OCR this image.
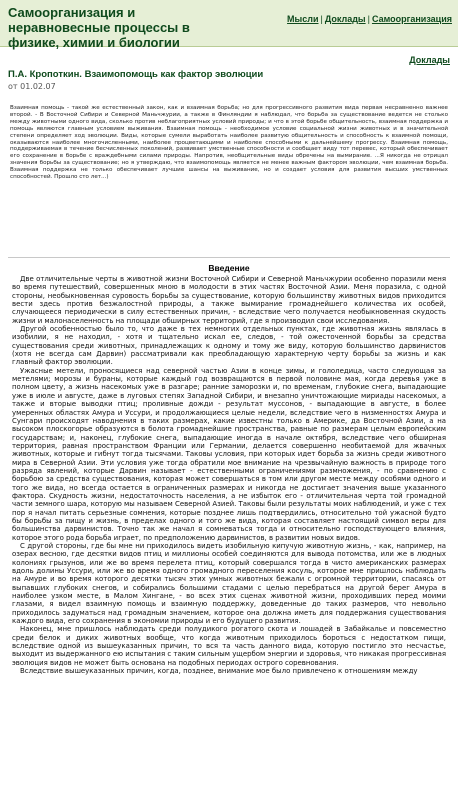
Самоорганизация и неравновесные процессы в физике, химии и биологии
Мысли | Доклады | Самоорганизация
Доклады
П.А. Кропоткин. Взаимопомощь как фактор эволюции
от 01.02.07
Взаимная помощь - такой же естественный закон, как и взаимная борьба; но для прогрессивного развития вида первая несравненно важнее второй. - В Восточной Сибири и Северной Маньчжурии, а также в Финляндии я наблюдал, что борьба за существование ведется не столько между животными одного вида, сколько против неблагоприятных условий природы; и что в этой борьбе общительность, взаимная поддержка и помощь являются главным условием выживания. Взаимная помощь - необходимое условие социальной жизни животных и в значительной степени определяет ход эволюции. Виды, которые сумели выработать наиболее развитую общительность и способность к взаимной помощи, оказываются наиболее многочисленными, наиболее процветающими и наиболее способными к дальнейшему прогрессу. Взаимная помощь, поддерживаемая в течение бесчисленных поколений, развивает умственные способности и сообщает виду тот перевес, который обеспечивает его сохранение в борьбе с враждебными силами природы. Напротив, необщительные виды обречены на вымирание. ...Я никогда не отрицал значения борьбы за существование; но я утверждаю, что взаимопомощь является не менее важным фактором эволюции, чем взаимная борьба. Взаимная поддержка не только обеспечивает лучшие шансы на выживание, но и создает условия для развития высших умственных способностей. Прошло сто лет...)
Введение

Две отличительные черты в животной жизни Восточной Сибири и Северной Маньчжурии особенно поразили меня во время путешествий, совершенных мною в молодости в этих частях Восточной Азии. Меня поразила, с одной стороны, необыкновенная суровость борьбы за существование, которую большинству животных видов приходится вести здесь против безжалостной природы, а также вымирание громаднейшего количества их особей, случающееся периодически в силу естественных причин, - вследствие чего получается необыкновенная скудость жизни и малонаселенность на площади обширных территорий, где я производил свои исследования.

Другой особенностью было то, что даже в тех немногих отдельных пунктах, где животная жизнь являлась в изобилии, я не находил, - хотя и тщательно искал ее, следов, - той ожесточенной борьбы за средства существования среди животных, принадлежащих к одному и тому же виду, которую большинство дарвинистов (хотя не всегда сам Дарвин) рассматривали как преобладающую характерную черту борьбы за жизнь и как главный фактор эволюции.

Ужасные метели, проносящиеся над северной частью Азии в конце зимы, и гололедица, часто следующая за метелями; морозы и бураны, которые каждый год возвращаются в первой половине мая, когда деревья уже в полном цвету, а жизнь насекомых уже в разгаре; ранние заморозки и, по временам, глубокие снега, выпадающие уже в июле и августе, даже в луговых степях Западной Сибири, и внезапно уничтожающие мириады насекомых, а также и вторые выводки птиц; проливные дожди - результат муссонов, - выпадающие в августе, в более умеренных областях Амура и Уссури, и продолжающиеся целые недели, вследствие чего в низменностях Амура и Сунгари происходят наводнения в таких размерах, какие известны только в Америке, да Восточной Азии, а на высоком плоскогорье образуются в болота громаднейшие пространства, равные по размерам целым европейским государствам; и, наконец, глубокие снега, выпадающие иногда в начале октября, вследствие чего обширная территория, равная пространством Франции или Германии, делается совершенно необитаемой для жвачных животных, которые и гибнут тогда тысячами. Таковы условия, при которых идет борьба за жизнь среди животного мира в Северной Азии. Эти условия уже тогда обратили мое внимание на чрезвычайную важность в природе того разряда явлений, которые Дарвин называет - естественными ограничениями размножения, - по сравнению с борьбою за средства существования, которая может совершаться в том или другом месте между особями одного и того же вида, но всегда остается в ограниченных размерах и никогда не достигает значения выше указанного фактора. Скудность жизни, недостаточность населения, а не избыток его - отличительная черта той громадной части земного шара, которую мы называем Северной Азией. Таковы были результаты моих наблюдений, и уже с тех пор я начал питать серьезные сомнения, которые позднее лишь подтвердились, относительно той ужасной будто бы борьбы за пищу и жизнь, в пределах одного и того же вида, которая составляет настоящий символ веры для большинства дарвинистов. Точно так же начал я сомневаться тогда и относительно господствующего влияния, которое этого рода борьба играет, по предположению дарвинистов, в развитии новых видов.

С другой стороны, где бы мне ни приходилось видеть изобильную кипучую животную жизнь, - как, например, на озерах весною, где десятки видов птиц и миллионы особей соединяются для вывода потомства, или же в людных колониях грызунов, или же во время перелета птиц, который совершался тогда в чисто американских размерах вдоль долины Уссури, или же во время одного громадного переселения косуль, которое мне пришлось наблюдать на Амуре и во время которого десятки тысяч этих умных животных бежали с огромной территории, спасаясь от выпавших глубоких снегов, и собирались большими стадами с целью перебраться на другой берег Амура в наиболее узком месте, в Малом Хингане, - во всех этих сценах животной жизни, проходивших перед моими глазами, я видел взаимную помощь и взаимную поддержку, доведенные до таких размеров, что невольно приходилось задуматься над громадным значением, которое она должна иметь для поддержания существования каждого вида, его сохранения в экономии природы и его будущего развития.

Наконец, мне пришлось наблюдать среди полудикого рогатого скота и лошадей в Забайкалье и повсеместно среди белок и диких животных вообще, что когда животным приходилось бороться с недостатком пищи, вследствие одной из вышеуказанных причин, то вся та часть данного вида, которую постигло это несчастье, выходит из выдержанного ею испытания с таким сильным ущербом энергии и здоровья, что никакая прогрессивная эволюция видов не может быть основана на подобных периодах острого соревнования.

Вследствие вышеуказанных причин, когда, позднее, внимание мое было привлечено к отношениям между
